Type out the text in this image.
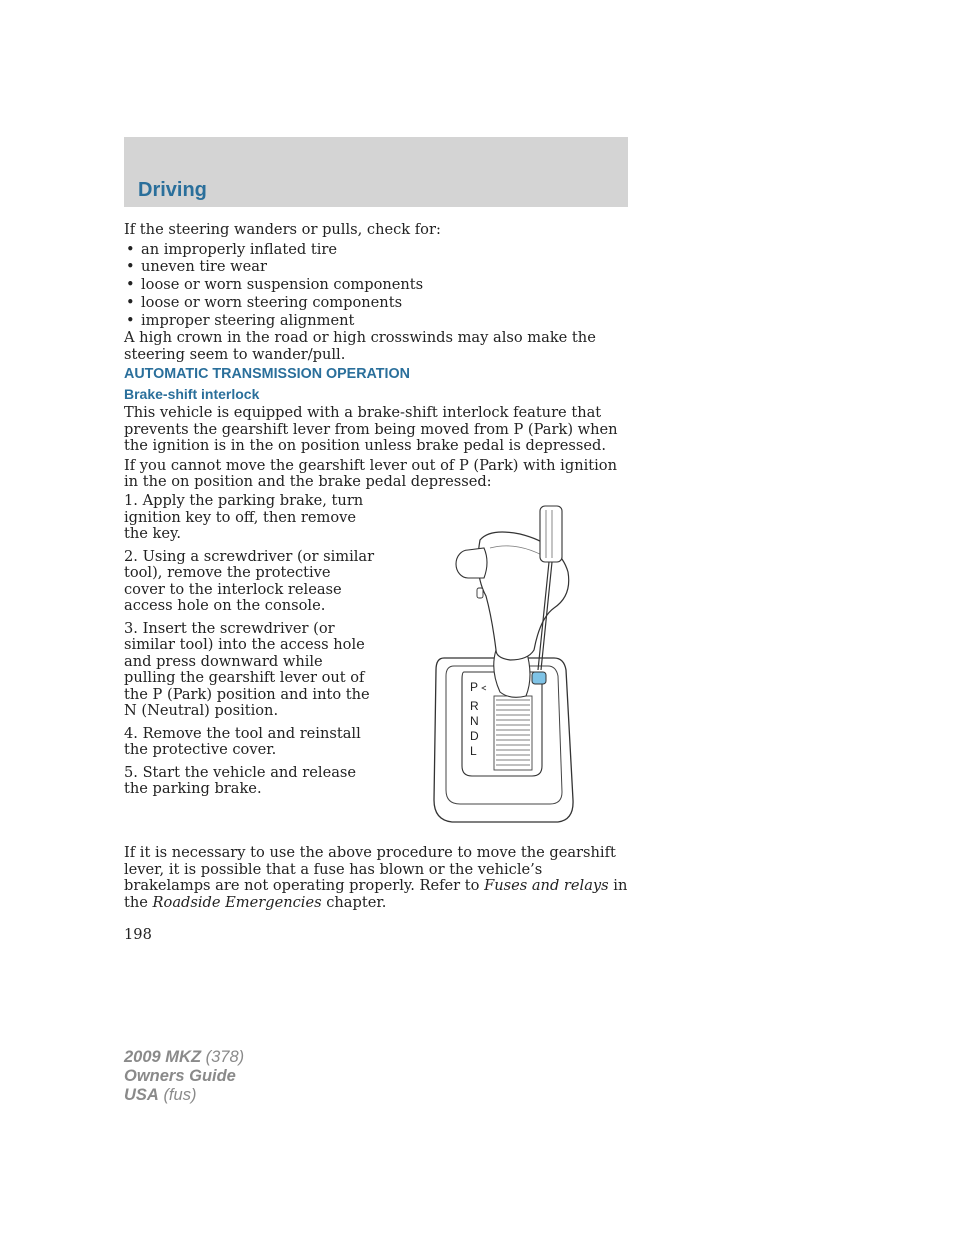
Driving

If the steering wanders or pulls, check for:

• an improperly inflated tire
• uneven tire wear
• loose or worn suspension components
• loose or worn steering components
• improper steering alignment

A high crown in the road or high crosswinds may also make the steering seem to wander/pull.

AUTOMATIC TRANSMISSION OPERATION
Brake-shift interlock

This vehicle is equipped with a brake-shift interlock feature that prevents the gearshift lever from being moved from P (Park) when the ignition is in the on position unless brake pedal is depressed.

If you cannot move the gearshift lever out of P (Park) with ignition in the on position and the brake pedal depressed:

1. Apply the parking brake, turn ignition key to off, then remove the key.

2. Using a screwdriver (or similar tool), remove the protective cover to the interlock release access hole on the console.

3. Insert the screwdriver (or similar tool) into the access hole and press downward while pulling the gearshift lever out of the P (Park) position and into the N (Neutral) position.

4. Remove the tool and reinstall the protective cover.

5. Start the vehicle and release the parking brake.

P
R
N
D
L

If it is necessary to use the above procedure to move the gearshift lever, it is possible that a fuse has blown or the vehicle’s brakelamps are not operating properly. Refer to Fuses and relays in the Roadside Emergencies chapter.

198
2009 MKZ (378)
Owners Guide
USA (fus)
